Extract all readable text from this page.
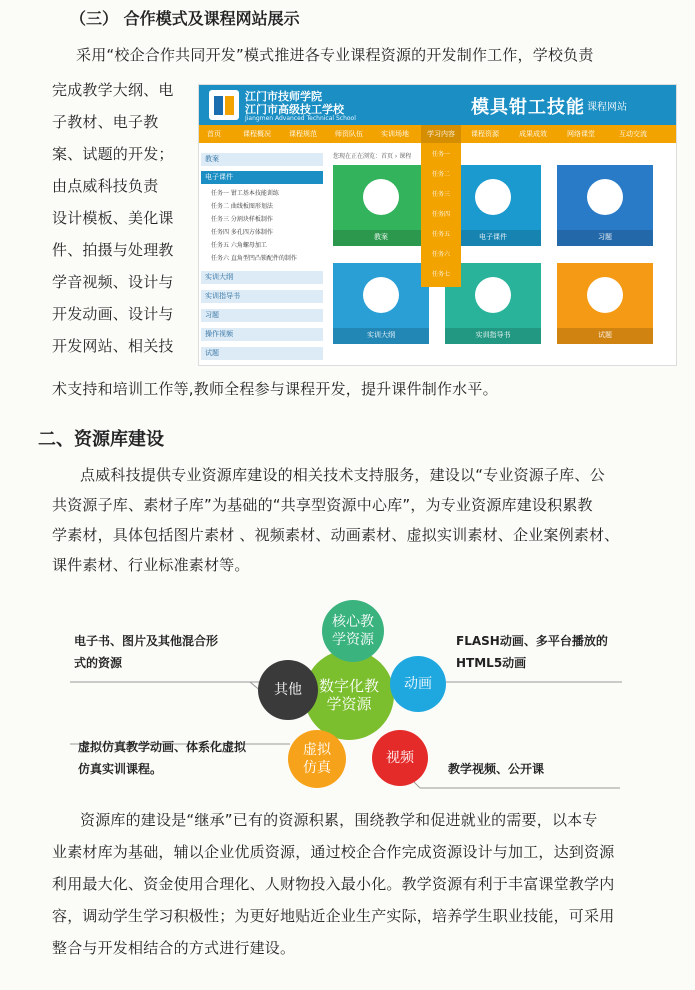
（三） 合作模式及课程网站展示
采用“校企合作共同开发”模式推进各专业课程资源的开发制作工作，学校负责

完成教学大纲、电

子教材、电子教

案、试题的开发；

由点威科技负责

设计模板、美化课

件、拍摄与处理教

学音视频、设计与

开发动画、设计与

开发网站、相关技

术支持和培训工作等,教师全程参与课程开发，提升课件制作水平。
江门市技师学院
江门市高级技工学校
Jiangmen Advanced Technical School
模具钳工技能 课程网站
首页	课程概况	课程规范	师资队伍	实训场地	学习内容	课程资源	成果成效	网络课堂	互动交流
教案
电子课件
任务一 钳工基本技能训练
任务二 曲线板图形划法
任务三 分割块样板制作
任务四 多孔四方体制作
任务五 六角螺母加工
任务六 直角型凹凸锁配件的制作
实训大纲
实训指导书
习题
操作视频
试题
您现在正在浏览：首页 › 课程
教案	电子课件	习题
实训大纲	实训指导书	试题
任务一
任务二
任务三
任务四
任务五
任务六
任务七
二、资源库建设

点威科技提供专业资源库建设的相关技术支持服务，建设以“专业资源子库、公

共资源子库、素材子库”为基础的“共享型资源中心库”，为专业资源库建设积累教

学素材，具体包括图片素材 、视频素材、动画素材、虚拟实训素材、企业案例素材、

课件素材、行业标准素材等。

电子书、图片及其他混合形
式的资源
FLASH动画、多平台播放的
HTML5动画
虚拟仿真教学动画、体系化虚拟
仿真实训课程。	教学视频、公开课
数字化教学资源
核心教学资源
其他	动画
虚拟仿真
视频

资源库的建设是“继承”已有的资源积累，围绕教学和促进就业的需要，以本专

业素材库为基础，辅以企业优质资源，通过校企合作完成资源设计与加工，达到资源

利用最大化、资金使用合理化、人财物投入最小化。教学资源有利于丰富课堂教学内

容，调动学生学习积极性；为更好地贴近企业生产实际，培养学生职业技能，可采用

整合与开发相结合的方式进行建设。
